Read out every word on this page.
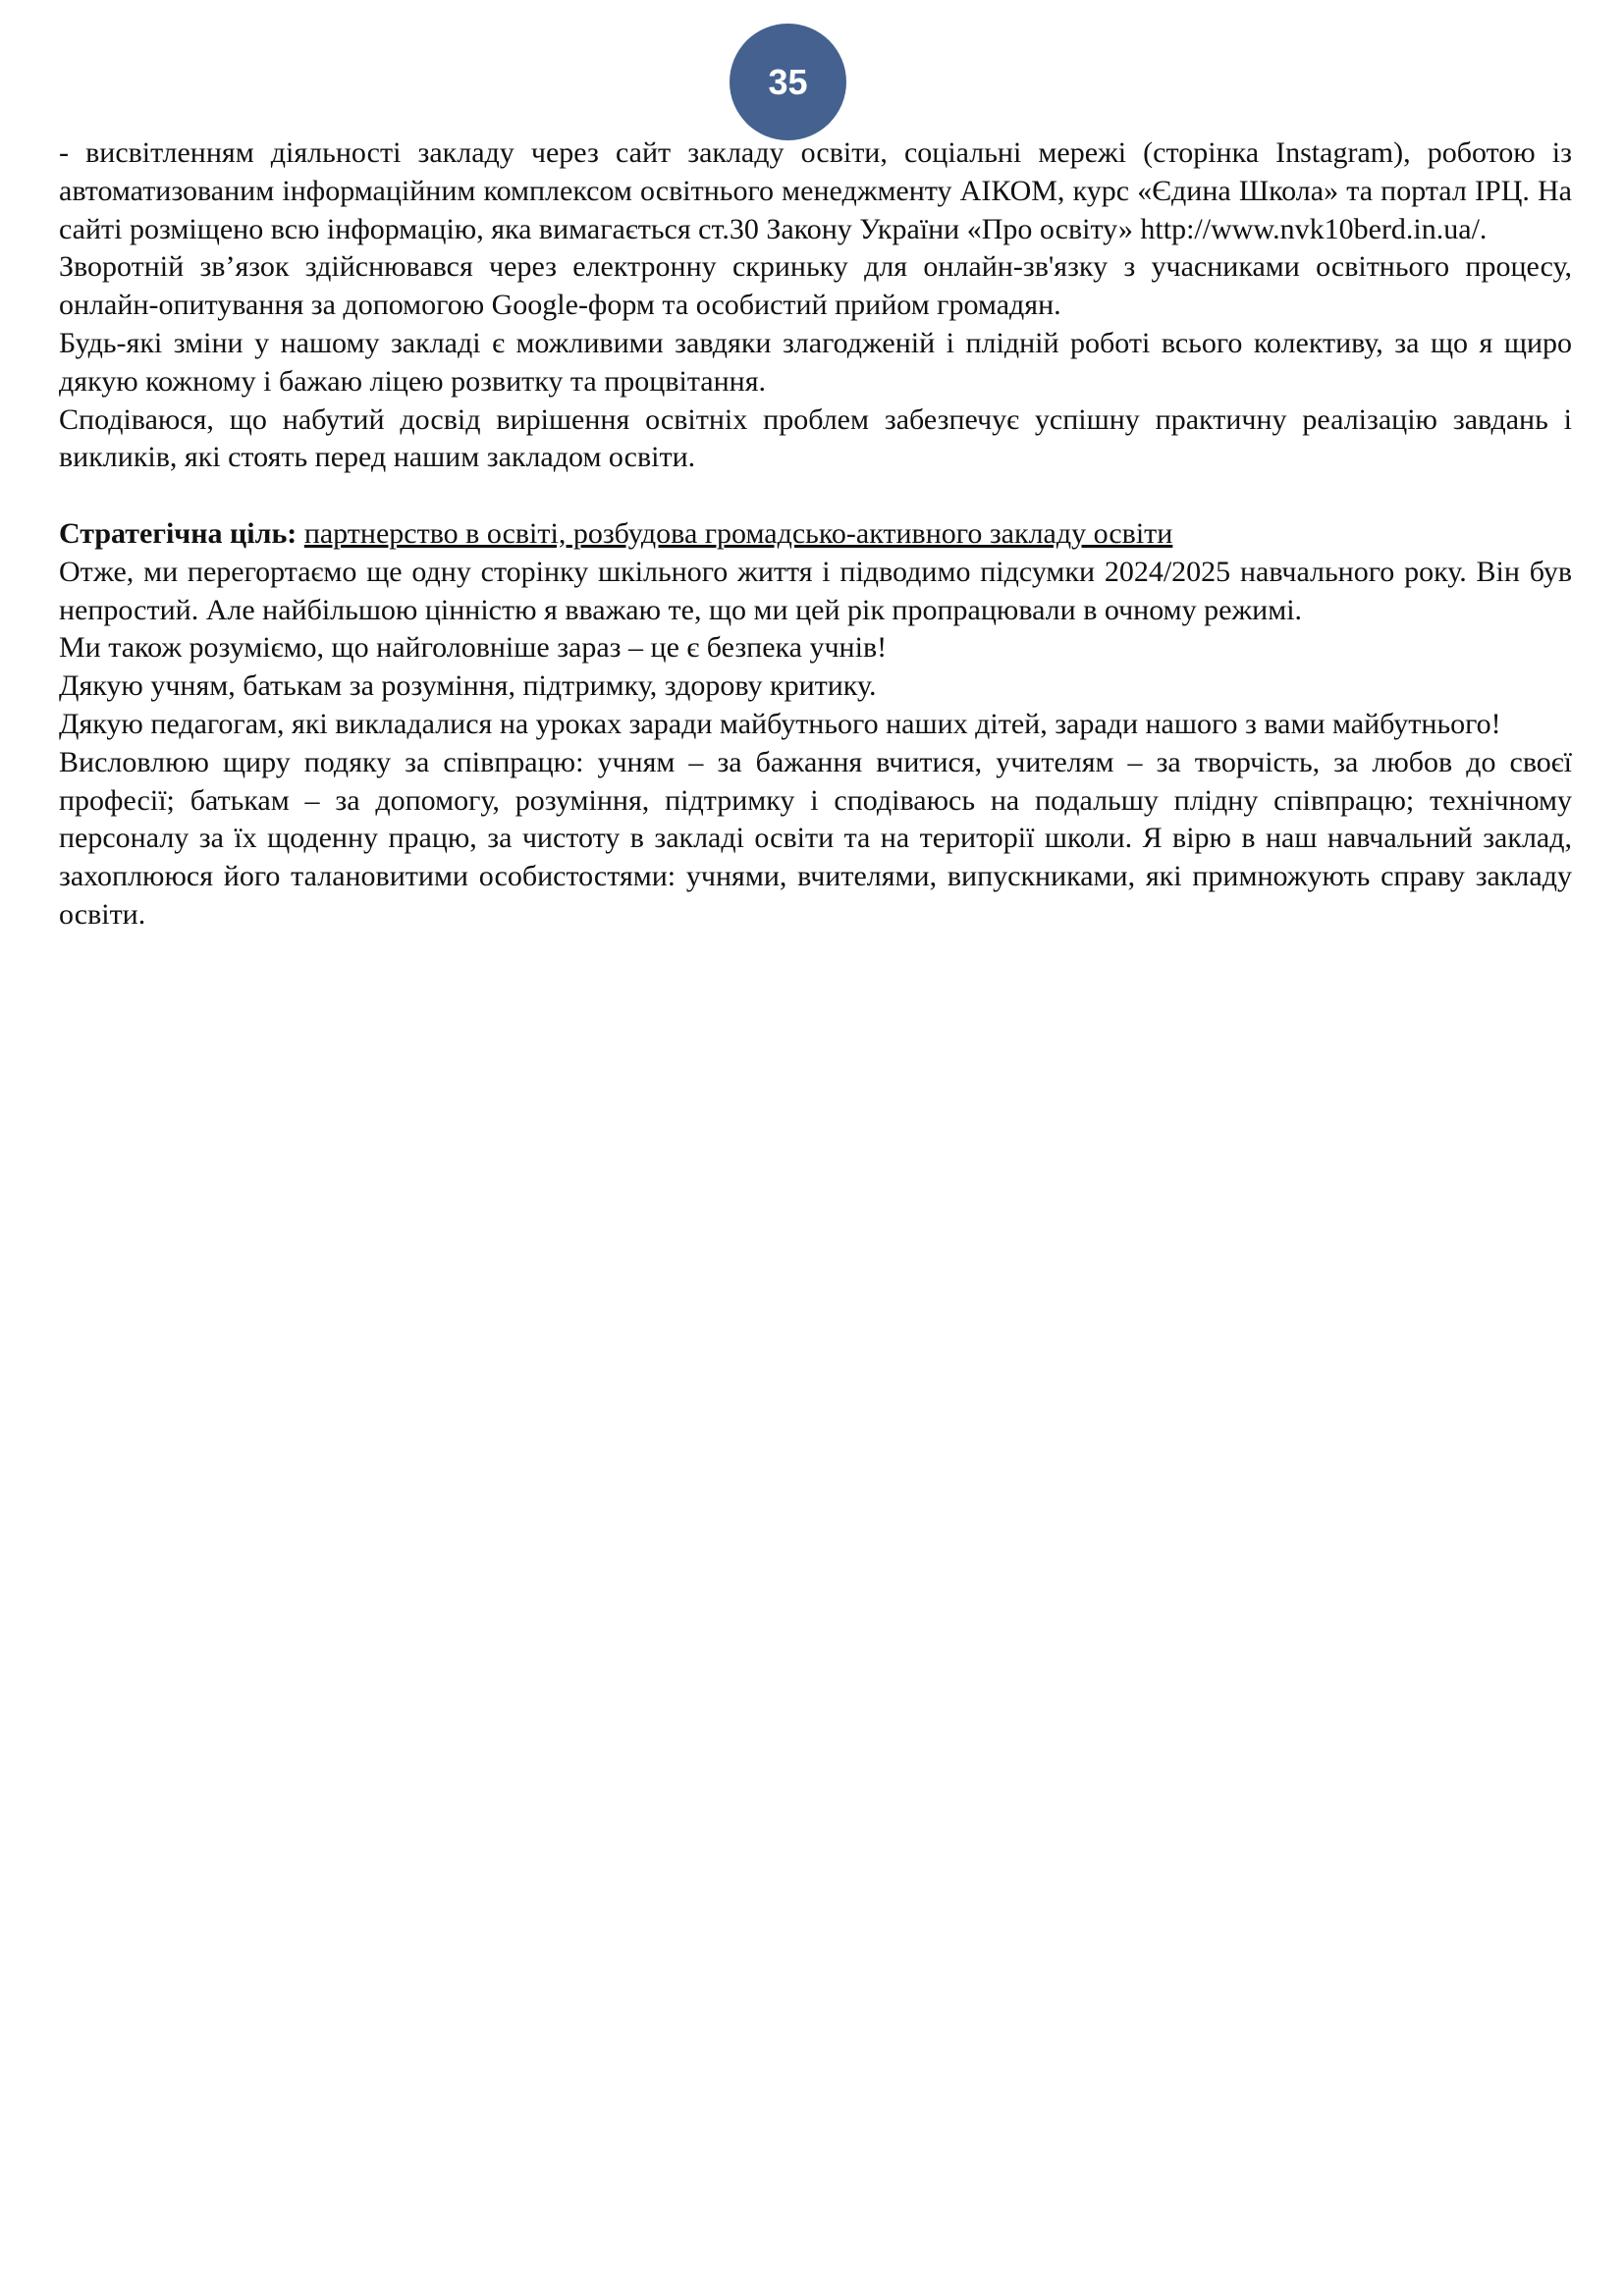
35

- висвітленням діяльності закладу через сайт закладу освіти, соціальні мережі (сторінка Instagram), роботою із автоматизованим інформаційним комплексом освітнього менеджменту АІКОМ, курс «Єдина Школа» та портал ІРЦ. На сайті розміщено всю інформацію, яка вимагається ст.30 Закону України «Про освіту» http://www.nvk10berd.in.ua/.

Зворотній зв’язок здійснювався через електронну скриньку для онлайн-зв'язку з учасниками освітнього процесу, онлайн-опитування за допомогою Google-форм та особистий прийом громадян.

Будь-які зміни у нашому закладі є можливими завдяки злагодженій і плідній роботі всього колективу, за що я щиро дякую кожному і бажаю ліцею розвитку та процвітання.

Сподіваюся, що набутий досвід вирішення освітніх проблем забезпечує успішну практичну реалізацію завдань і викликів, які стоять перед нашим закладом освіти.

Стратегічна ціль: партнерство в освіті, розбудова громадсько-активного закладу освіти

Отже, ми перегортаємо ще одну сторінку шкільного життя і підводимо підсумки 2024/2025 навчального року. Він був непростий. Але найбільшою цінністю я вважаю те, що ми цей рік пропрацювали в очному режимі.

Ми також розуміємо, що найголовніше зараз – це є безпека учнів!

Дякую учням, батькам за розуміння, підтримку, здорову критику.

Дякую педагогам, які викладалися на уроках заради майбутнього наших дітей, заради нашого з вами майбутнього!

Висловлюю щиру подяку за співпрацю: учням – за бажання вчитися, учителям – за творчість, за любов до своєї професії; батькам – за допомогу, розуміння, підтримку і сподіваюсь на подальшу плідну співпрацю; технічному персоналу за їх щоденну працю, за чистоту в закладі освіти та на території школи. Я вірю в наш навчальний заклад, захоплююся його талановитими особистостями: учнями, вчителями, випускниками, які примножують справу закладу освіти.
